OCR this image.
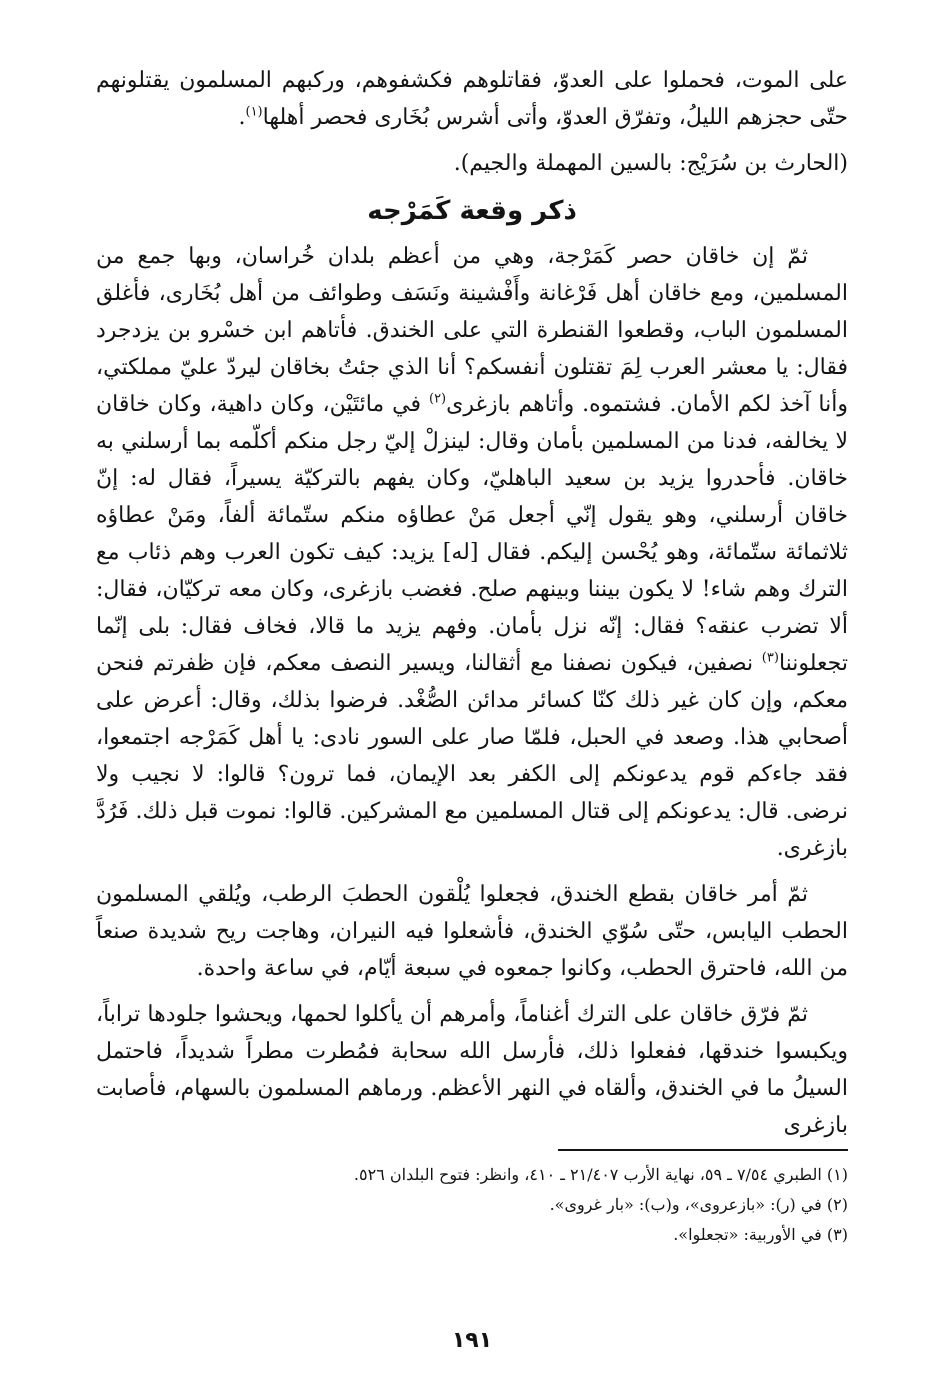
على الموت، فحملوا على العدوّ، فقاتلوهم فكشفوهم، وركبهم المسلمون يقتلونهم حتّى حجزهم الليلُ، وتفرّق العدوّ، وأتى أشرس بُخَارى فحصر أهلها$^{(١)}$.

(الحارث بن سُرَيْج: بالسين المهملة والجيم).

ذكر وقعة كَمَرْجه

ثمّ إن خاقان حصر كَمَرْجة، وهي من أعظم بلدان خُراسان، وبها جمع من المسلمين، ومع خاقان أهل فَرْغانة وأَفْشينة ونَسَف وطوائف من أهل بُخَارى، فأغلق المسلمون الباب، وقطعوا القنطرة التي على الخندق. فأتاهم ابن خسْرو بن يزدجرد فقال: يا معشر العرب لِمَ تقتلون أنفسكم؟ أنا الذي جئتُ بخاقان ليردّ عليّ مملكتي، وأنا آخذ لكم الأمان. فشتموه. وأتاهم بازغرى$^{(٢)}$ في مائتَيْن، وكان داهية، وكان خاقان لا يخالفه، فدنا من المسلمين بأمان وقال: لينزلْ إليّ رجل منكم أكلّمه بما أرسلني به خاقان. فأحدروا يزيد بن سعيد الباهليّ، وكان يفهم بالتركيّة يسيراً، فقال له: إنّ خاقان أرسلني، وهو يقول إنّي أجعل مَنْ عطاؤه منكم ستّمائة ألفاً، ومَنْ عطاؤه ثلاثمائة ستّمائة، وهو يُحْسن إليكم. فقال [له] يزيد: كيف تكون العرب وهم ذئاب مع الترك وهم شاء! لا يكون بيننا وبينهم صلح. فغضب بازغرى، وكان معه تركيّان، فقال: ألا تضرب عنقه؟ فقال: إنّه نزل بأمان. وفهم يزيد ما قالا، فخاف فقال: بلى إنّما تجعلوننا$^{(٣)}$ نصفين، فيكون نصفنا مع أثقالنا، ويسير النصف معكم، فإن ظفرتم فنحن معكم، وإن كان غير ذلك كنّا كسائر مدائن الصُّغْد. فرضوا بذلك، وقال: أعرض على أصحابي هذا. وصعد في الحبل، فلمّا صار على السور نادى: يا أهل كَمَرْجه اجتمعوا، فقد جاءكم قوم يدعونكم إلى الكفر بعد الإيمان، فما ترون؟ قالوا: لا نجيب ولا نرضى. قال: يدعونكم إلى قتال المسلمين مع المشركين. قالوا: نموت قبل ذلك. فَرُدَّ بازغرى.

ثمّ أمر خاقان بقطع الخندق، فجعلوا يُلْقون الحطبَ الرطب، ويُلقي المسلمون الحطب اليابس، حتّى سُوّي الخندق، فأشعلوا فيه النيران، وهاجت ريح شديدة صنعاً من الله، فاحترق الحطب، وكانوا جمعوه في سبعة أيّام، في ساعة واحدة.

ثمّ فرّق خاقان على الترك أغناماً، وأمرهم أن يأكلوا لحمها، ويحشوا جلودها تراباً، ويكبسوا خندقها، ففعلوا ذلك، فأرسل الله سحابة فمُطرت مطراً شديداً، فاحتمل السيلُ ما في الخندق، وألقاه في النهر الأعظم. ورماهم المسلمون بالسهام، فأصابت بازغرى

(١) الطبري ٧/٥٤ ـ ٥٩، نهاية الأرب ٢١/٤٠٧ ـ ٤١٠، وانظر: فتوح البلدان ٥٢٦.
(٢) في (ر): «بازعروى»، و(ب): «بار غروى».
(٣) في الأوربية: «تجعلوا».
١٩١
